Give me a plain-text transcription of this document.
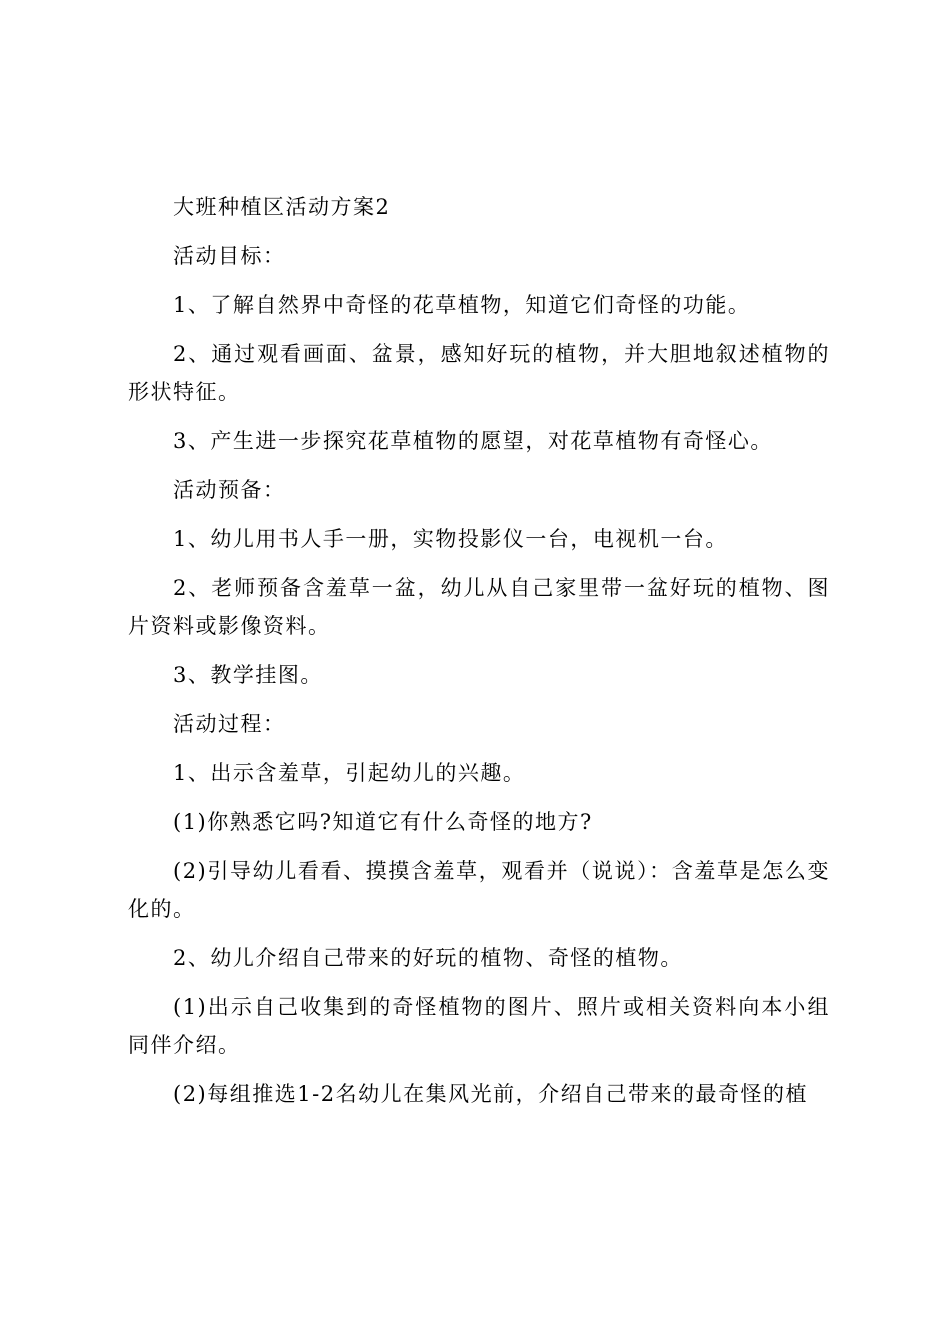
大班种植区活动方案2

活动目标：

1、了解自然界中奇怪的花草植物，知道它们奇怪的功能。

2、通过观看画面、盆景，感知好玩的植物，并大胆地叙述植物的形状特征。

3、产生进一步探究花草植物的愿望，对花草植物有奇怪心。

活动预备：

1、幼儿用书人手一册，实物投影仪一台，电视机一台。

2、老师预备含羞草一盆，幼儿从自己家里带一盆好玩的植物、图片资料或影像资料。

3、教学挂图。

活动过程：

1、出示含羞草，引起幼儿的兴趣。

(1)你熟悉它吗?知道它有什么奇怪的地方?

(2)引导幼儿看看、摸摸含羞草，观看并（说说）：含羞草是怎么变化的。

2、幼儿介绍自己带来的好玩的植物、奇怪的植物。

(1)出示自己收集到的奇怪植物的图片、照片或相关资料向本小组同伴介绍。

(2)每组推选1-2名幼儿在集风光前，介绍自己带来的最奇怪的植
